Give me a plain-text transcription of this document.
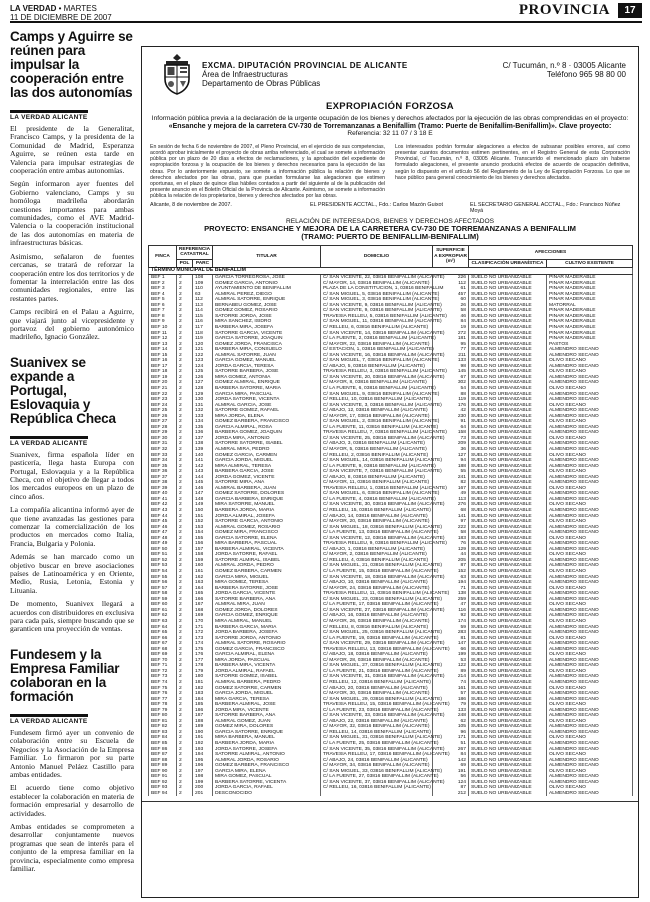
LA VERDAD • MARTES
11 DE DICIEMBRE DE 2007	PROVINCIA	17
Camps y Aguirre se reúnen para impulsar la cooperación entre las dos autonomías
LA VERDAD ALICANTE

El presidente de la Generalitat, Francisco Camps, y la presidenta de la Comunidad de Madrid, Esperanza Aguirre, se reúnen esta tarde en Valencia para impulsar estrategias de cooperación entre ambas autonomías.

Según informaron ayer fuentes del Gobierno valenciano, Camps y su homóloga madrileña abordarán cuestiones importantes para ambas comunidades, como el AVE Madrid-Valencia o la cooperación institucional de las dos autonomías en materia de infraestructuras básicas.

Asimismo, señalaron de fuentes cercanas, se tratará de reforzar la cooperación entre los dos territorios y de fomentar la interrelación entre las dos comunidades regionales, entre las restantes partes.

Camps recibirá en el Palau a Aguirre, que viajará junto al vicepresidente y portavoz del gobierno autonómico madrileño, Ignacio González.

Suanivex se expande a Portugal, Eslovaquia y República Checa
LA VERDAD ALICANTE

Suanivex, firma española líder en pasticería, llega hasta Europa con Portugal, Eslovaquia y a la República Checa, con el objetivo de llegar a todos los mercados europeos en un plazo de cinco años.

La compañía alicantina informó ayer de que tiene avanzadas las gestiones para comenzar la comercialización de los productos en mercados como Italia, Francia, Bulgaria y Polonia.

Además se han marcado como un objetivo buscar en breve asociaciones países de Latinoamérica y en Oriente, Medio, Rusia, Letonia, Estonia y Lituania.

De momento, Suanivex llegará a acuerdos con distribuidores en exclusiva para cada país, siempre buscando que se garanticen una proyección de ventas.

Fundesem y la Empresa Familiar colaboran en la formación
LA VERDAD ALICANTE

Fundesem firmó ayer un convenio de colaboración entre su Escuela de Negocios y la Asociación de la Empresa Familiar. Lo firmaron por su parte Antonio Manuel Peláez Castillo para ambas entidades.

El acuerdo tiene como objetivo establecer la colaboración en materia de formación empresarial y desarrollo de actividades.

Ambas entidades se comprometen a desarrollar conjuntamente nuevos programas que sean de interés para el conjunto de la empresa familiar en la provincia, especialmente como empresa familiar.

EXCMA. DIPUTACIÓN PROVINCIAL DE ALICANTE
Área de Infraestructuras
Departamento de Obras Públicas
C/ Tucumán, n.º 8 · 03005 Alicante
Teléfono 965 98 80 00
EXPROPIACIÓN FORZOSA
Información pública previa a la declaración de la urgente ocupación de los bienes y derechos afectados por la ejecución de las obras comprendidas en el proyecto:
«Ensanche y mejora de la carretera CV-730 de Torremanzanas a Benifallim (Tramo: Puerte de Benifallim-Benifallim)». Clave proyecto:
Referencia: 32 11 07 / 3 18 E
En sesión de fecha 6 de noviembre de 2007, el Pleno Provincial, en el ejercicio de sus competencias, acordó aprobar inicialmente el proyecto de obras arriba referenciado, el cual se somete a información pública por un plazo de 20 días a efectos de reclamaciones, y la aprobación del expediente de expropiación forzosa y la ocupación de los bienes y derechos necesarios para la ejecución de las obras. Por lo anteriormente expuesto, se somete a información pública la relación de bienes y derechos afectados por las obras, para que puedan formularse las alegaciones que estimen oportunas, en el plazo de quince días hábiles contados a partir del siguiente al de la publicación del presente anuncio en el Boletín Oficial de la Provincia de Alicante. Asimismo, se somete a información pública la relación de los propietarios, bienes y derechos afectados por las obras.
Los interesados podrán formular alegaciones a efectos de subsanar posibles errores, así como presentar cuantos documentos estimen pertinentes, en el Registro General de esta Corporación Provincial, c/ Tucumán, n.º 8, 03005 Alicante. Transcurrido el mencionado plazo sin haberse formulado alegaciones, el presente anuncio producirá efectos de acuerdo de ocupación definitiva, según lo dispuesto en el artículo 56 del Reglamento de la Ley de Expropiación Forzosa. Lo que se hace público para general conocimiento de los bienes y derechos afectados.
Alicante, 8 de noviembre de 2007.	EL PRESIDENTE ACCTAL., Fdo.: Carlos Mazón Guixot	EL SECRETARIO GENERAL ACCTAL., Fdo.: Francisco Núñez Moyá
RELACIÓN DE INTERESADOS, BIENES Y DERECHOS AFECTADOS
PROYECTO: ENSANCHE Y MEJORA DE LA CARRETERA CV-730 DE TORREMANZANAS A BENIFALLIM
(TRAMO: PUERTO DE BENIFALLIM-BENIFALLIM)
FINCA	REFERENCIA CATASTRAL		TITULAR	DOMICILIO	SUPERFICIE A EXPROPIAR (m²)	AFECCIONES	
	POL	PARC				CLASIFICACIÓN URBANÍSTICA	CULTIVO EXISTENTE
TÉRMINO MUNICIPAL DE BENIFALLIM							
BEF 1	2	108	GARCIA TORREGROSA, JOSE	C/ SAN VICENTE, 22, 03816 BENIFALLIM (ALICANTE)	226	SUELO NO URBANIZABLE	PINAR MADERABLE
BEF 2	2	109	GOMEZ GARCIA, ANTONIO	C/ MAYOR, 14, 03816 BENIFALLIM (ALICANTE)	112	SUELO NO URBANIZABLE	PINAR MADERABLE
BEF 3	2	110	AYUNTAMIENTO DE BENIFALLIM	PLAZA DE LA CONSTITUCION, 1, 03816 BENIFALLIM	61	SUELO NO URBANIZABLE	PINAR MADERABLE
BEF 4	2	63	ALMIRAL PEREZ, DIEGO	C/ SAN MIGUEL, 5, 03816 BENIFALLIM (ALICANTE)	457	SUELO NO URBANIZABLE	PINAR MADERABLE
BEF 5	2	112	ALMIRAL SATORRE, ENRIQUE	C/ SAN MIGUEL, 3, 03816 BENIFALLIM (ALICANTE)	60	SUELO NO URBANIZABLE	PINAR MADERABLE
BEF 6	2	113	BERNABEU GOMEZ, JOSE	C/ SAN VICENTE, 9, 03816 BENIFALLIM (ALICANTE)	26	SUELO NO URBANIZABLE	MATORRAL
BEF 7	2	114	GOMEZ GOMEZ, ROSARIO	C/ SAN VICENTE, 9, 03816 BENIFALLIM (ALICANTE)	58	SUELO NO URBANIZABLE	PINAR MADERABLE
BEF 8	2	115	SATORRE JORDA, JOSE	TRAVESIA RELLEU, 5, 03816 BENIFALLIM (ALICANTE)	46	SUELO NO URBANIZABLE	PINAR MADERABLE
BEF 9	2	116	MIRA SANCHEZ, ISIDRO	C/ SAN MIGUEL, 11, 03816 BENIFALLIM (ALICANTE)	84	SUELO NO URBANIZABLE	PINAR MADERABLE
BEF 10	2	117	BARBERA MIRA, JOSEFA	C/ RELLEU, 6, 03816 BENIFALLIM (ALICANTE)	19	SUELO NO URBANIZABLE	PINAR MADERABLE
BEF 11	2	118	SATORRE GARCIA, VICENTE	C/ SAN VICENTE, 14, 03816 BENIFALLIM (ALICANTE)	272	SUELO NO URBANIZABLE	PINAR MADERABLE
BEF 12	2	119	GARCIA SATORRE, JOAQUIN	C/ LA FUENTE, 2, 03816 BENIFALLIM (ALICANTE)	181	SUELO NO URBANIZABLE	PINAR MADERABLE
BEF 13	2	120	GOMEZ JORDA, FRANCISCA	C/ MAYOR, 22, 03816 BENIFALLIM (ALICANTE)	95	SUELO NO URBANIZABLE	PASTOS
BEF 14	2	121	BARBERA MIRA, CONSUELO	C/ ESTACION, 1, 03816 BENIFALLIM (ALICANTE)	77	SUELO NO URBANIZABLE	ALMENDRO SECANO
BEF 15	2	122	ALMIRAL SATORRE, JUAN	C/ SAN VICENTE, 16, 03816 BENIFALLIM (ALICANTE)	211	SUELO NO URBANIZABLE	ALMENDRO SECANO
BEF 16	2	123	GARCIA GOMEZ, MANUEL	C/ SAN MIGUEL, 7, 03816 BENIFALLIM (ALICANTE)	133	SUELO NO URBANIZABLE	OLIVO SECANO
BEF 17	2	124	JORDA GARCIA, TERESA	C/ ABAJO, 5, 03816 BENIFALLIM (ALICANTE)	98	SUELO NO URBANIZABLE	ALMENDRO SECANO
BEF 18	2	125	SATORRE BARBERA, JOSE	TRAVESIA RELLEU, 3, 03816 BENIFALLIM (ALICANTE)	145	SUELO NO URBANIZABLE	OLIVO SECANO
BEF 19	2	126	MIRA GOMEZ, ANTONIA	C/ SAN VICENTE, 20, 03816 BENIFALLIM (ALICANTE)	67	SUELO NO URBANIZABLE	ALMENDRO SECANO
BEF 20	2	127	GOMEZ ALMIRAL, ENRIQUE	C/ MAYOR, 8, 03816 BENIFALLIM (ALICANTE)	302	SUELO NO URBANIZABLE	ALMENDRO SECANO
BEF 21	2	128	BARBERA SATORRE, MARIA	C/ LA FUENTE, 6, 03816 BENIFALLIM (ALICANTE)	54	SUELO NO URBANIZABLE	OLIVO SECANO
BEF 22	2	129	GARCIA MIRA, PASCUAL	C/ SAN MIGUEL, 9, 03816 BENIFALLIM (ALICANTE)	88	SUELO NO URBANIZABLE	ALMENDRO SECANO
BEF 23	2	130	JORDA SATORRE, VICENTA	C/ RELLEU, 10, 03816 BENIFALLIM (ALICANTE)	119	SUELO NO URBANIZABLE	ALMENDRO SECANO
BEF 24	2	131	ALMIRAL GARCIA, JOSE	C/ SAN VICENTE, 3, 03816 BENIFALLIM (ALICANTE)	176	SUELO NO URBANIZABLE	OLIVO SECANO
BEF 25	2	132	SATORRE GOMEZ, RAFAEL	C/ ABAJO, 12, 03816 BENIFALLIM (ALICANTE)	42	SUELO NO URBANIZABLE	ALMENDRO SECANO
BEF 26	2	133	MIRA JORDA, ELENA	C/ MAYOR, 17, 03816 BENIFALLIM (ALICANTE)	230	SUELO NO URBANIZABLE	ALMENDRO SECANO
BEF 27	2	134	GOMEZ BARBERA, FRANCISCO	C/ SAN MIGUEL, 2, 03816 BENIFALLIM (ALICANTE)	91	SUELO NO URBANIZABLE	OLIVO SECANO
BEF 28	2	135	GARCIA ALMIRAL, ROSA	C/ LA FUENTE, 11, 03816 BENIFALLIM (ALICANTE)	64	SUELO NO URBANIZABLE	ALMENDRO SECANO
BEF 29	2	136	BARBERA GOMEZ, JOAQUIN	TRAVESIA RELLEU, 7, 03816 BENIFALLIM (ALICANTE)	158	SUELO NO URBANIZABLE	ALMENDRO SECANO
BEF 30	2	137	JORDA MIRA, ANTONIO	C/ SAN VICENTE, 25, 03816 BENIFALLIM (ALICANTE)	73	SUELO NO URBANIZABLE	OLIVO SECANO
BEF 31	2	138	SATORRE SATORRE, ISABEL	C/ ABAJO, 3, 03816 BENIFALLIM (ALICANTE)	209	SUELO NO URBANIZABLE	ALMENDRO SECANO
BEF 32	2	139	ALMIRAL MIRA, PEDRO	C/ MAYOR, 5, 03816 BENIFALLIM (ALICANTE)	36	SUELO NO URBANIZABLE	ALMENDRO SECANO
BEF 33	2	140	GOMEZ GARCIA, CARMEN	C/ RELLEU, 2, 03816 BENIFALLIM (ALICANTE)	127	SUELO NO URBANIZABLE	OLIVO SECANO
BEF 34	2	141	GARCIA JORDA, MIGUEL	C/ SAN MIGUEL, 14, 03816 BENIFALLIM (ALICANTE)	94	SUELO NO URBANIZABLE	ALMENDRO SECANO
BEF 35	2	142	MIRA ALMIRAL, TERESA	C/ LA FUENTE, 9, 03816 BENIFALLIM (ALICANTE)	188	SUELO NO URBANIZABLE	ALMENDRO SECANO
BEF 36	2	143	BARBERA GARCIA, JOSE	C/ SAN VICENTE, 7, 03816 BENIFALLIM (ALICANTE)	55	SUELO NO URBANIZABLE	OLIVO SECANO
BEF 37	2	144	JORDA GOMEZ, VICENTE	C/ ABAJO, 8, 03816 BENIFALLIM (ALICANTE)	241	SUELO NO URBANIZABLE	ALMENDRO SECANO
BEF 38	2	145	SATORRE MIRA, ANA	C/ MAYOR, 11, 03816 BENIFALLIM (ALICANTE)	82	SUELO NO URBANIZABLE	ALMENDRO SECANO
BEF 39	2	146	ALMIRAL BARBERA, JUAN	TRAVESIA RELLEU, 1, 03816 BENIFALLIM (ALICANTE)	167	SUELO NO URBANIZABLE	OLIVO SECANO
BEF 40	2	147	GOMEZ SATORRE, DOLORES	C/ SAN MIGUEL, 6, 03816 BENIFALLIM (ALICANTE)	49	SUELO NO URBANIZABLE	ALMENDRO SECANO
BEF 41	2	148	GARCIA BARBERA, ENRIQUE	C/ LA FUENTE, 4, 03816 BENIFALLIM (ALICANTE)	113	SUELO NO URBANIZABLE	ALMENDRO SECANO
BEF 42	2	149	MIRA SATORRE, MANUEL	C/ SAN VICENTE, 30, 03816 BENIFALLIM (ALICANTE)	276	SUELO NO URBANIZABLE	OLIVO SECANO
BEF 43	2	150	BARBERA JORDA, MARIA	C/ RELLEU, 15, 03816 BENIFALLIM (ALICANTE)	68	SUELO NO URBANIZABLE	ALMENDRO SECANO
BEF 44	2	151	JORDA ALMIRAL, JOSEFA	C/ ABAJO, 14, 03816 BENIFALLIM (ALICANTE)	141	SUELO NO URBANIZABLE	ALMENDRO SECANO
BEF 45	2	152	SATORRE GARCIA, ANTONIO	C/ MAYOR, 20, 03816 BENIFALLIM (ALICANTE)	97	SUELO NO URBANIZABLE	OLIVO SECANO
BEF 46	2	153	ALMIRAL GOMEZ, ROSARIO	C/ SAN MIGUEL, 18, 03816 BENIFALLIM (ALICANTE)	222	SUELO NO URBANIZABLE	ALMENDRO SECANO
BEF 47	2	154	GOMEZ MIRA, FRANCISCO	C/ LA FUENTE, 13, 03816 BENIFALLIM (ALICANTE)	58	SUELO NO URBANIZABLE	ALMENDRO SECANO
BEF 48	2	155	GARCIA SATORRE, ELENA	C/ SAN VICENTE, 12, 03816 BENIFALLIM (ALICANTE)	183	SUELO NO URBANIZABLE	OLIVO SECANO
BEF 49	2	156	MIRA BARBERA, PASCUAL	TRAVESIA RELLEU, 9, 03816 BENIFALLIM (ALICANTE)	76	SUELO NO URBANIZABLE	ALMENDRO SECANO
BEF 50	2	157	BARBERA ALMIRAL, VICENTA	C/ ABAJO, 1, 03816 BENIFALLIM (ALICANTE)	129	SUELO NO URBANIZABLE	ALMENDRO SECANO
BEF 51	2	158	JORDA SATORRE, RAFAEL	C/ MAYOR, 2, 03816 BENIFALLIM (ALICANTE)	44	SUELO NO URBANIZABLE	OLIVO SECANO
BEF 52	2	159	SATORRE ALMIRAL, ISABEL	C/ RELLEU, 4, 03816 BENIFALLIM (ALICANTE)	205	SUELO NO URBANIZABLE	ALMENDRO SECANO
BEF 53	2	160	ALMIRAL JORDA, PEDRO	C/ SAN MIGUEL, 21, 03816 BENIFALLIM (ALICANTE)	87	SUELO NO URBANIZABLE	ALMENDRO SECANO
BEF 54	2	161	GOMEZ BARBERA, CARMEN	C/ LA FUENTE, 15, 03816 BENIFALLIM (ALICANTE)	152	SUELO NO URBANIZABLE	OLIVO SECANO
BEF 55	2	162	GARCIA MIRA, MIGUEL	C/ SAN VICENTE, 18, 03816 BENIFALLIM (ALICANTE)	63	SUELO NO URBANIZABLE	ALMENDRO SECANO
BEF 56	2	163	MIRA GOMEZ, TERESA	C/ ABAJO, 10, 03816 BENIFALLIM (ALICANTE)	194	SUELO NO URBANIZABLE	ALMENDRO SECANO
BEF 57	2	164	BARBERA SATORRE, JOSE	C/ MAYOR, 24, 03816 BENIFALLIM (ALICANTE)	71	SUELO NO URBANIZABLE	OLIVO SECANO
BEF 58	2	165	JORDA GARCIA, VICENTE	TRAVESIA RELLEU, 11, 03816 BENIFALLIM (ALICANTE)	138	SUELO NO URBANIZABLE	ALMENDRO SECANO
BEF 59	2	166	SATORRE BARBERA, ANA	C/ SAN MIGUEL, 23, 03816 BENIFALLIM (ALICANTE)	259	SUELO NO URBANIZABLE	ALMENDRO SECANO
BEF 60	2	167	ALMIRAL MIRA, JUAN	C/ LA FUENTE, 17, 03816 BENIFALLIM (ALICANTE)	47	SUELO NO URBANIZABLE	OLIVO SECANO
BEF 61	2	168	GOMEZ JORDA, DOLORES	C/ SAN VICENTE, 27, 03816 BENIFALLIM (ALICANTE)	116	SUELO NO URBANIZABLE	ALMENDRO SECANO
BEF 62	2	169	GARCIA GOMEZ, ENRIQUE	C/ ABAJO, 16, 03816 BENIFALLIM (ALICANTE)	92	SUELO NO URBANIZABLE	ALMENDRO SECANO
BEF 63	2	170	MIRA ALMIRAL, MANUEL	C/ MAYOR, 26, 03816 BENIFALLIM (ALICANTE)	174	SUELO NO URBANIZABLE	OLIVO SECANO
BEF 64	2	171	BARBERA GARCIA, MARIA	C/ RELLEU, 8, 03816 BENIFALLIM (ALICANTE)	59	SUELO NO URBANIZABLE	ALMENDRO SECANO
BEF 65	2	172	JORDA BARBERA, JOSEFA	C/ SAN MIGUEL, 25, 03816 BENIFALLIM (ALICANTE)	283	SUELO NO URBANIZABLE	ALMENDRO SECANO
BEF 66	2	173	SATORRE JORDA, ANTONIO	C/ LA FUENTE, 19, 03816 BENIFALLIM (ALICANTE)	81	SUELO NO URBANIZABLE	OLIVO SECANO
BEF 67	2	174	ALMIRAL SATORRE, ROSARIO	C/ SAN VICENTE, 29, 03816 BENIFALLIM (ALICANTE)	147	SUELO NO URBANIZABLE	ALMENDRO SECANO
BEF 68	2	175	GOMEZ GARCIA, FRANCISCO	TRAVESIA RELLEU, 13, 03816 BENIFALLIM (ALICANTE)	66	SUELO NO URBANIZABLE	ALMENDRO SECANO
BEF 69	2	176	GARCIA ALMIRAL, ELENA	C/ ABAJO, 18, 03816 BENIFALLIM (ALICANTE)	199	SUELO NO URBANIZABLE	OLIVO SECANO
BEF 70	2	177	MIRA JORDA, PASCUAL	C/ MAYOR, 28, 03816 BENIFALLIM (ALICANTE)	53	SUELO NO URBANIZABLE	ALMENDRO SECANO
BEF 71	2	178	BARBERA MIRA, VICENTA	C/ SAN MIGUEL, 27, 03816 BENIFALLIM (ALICANTE)	122	SUELO NO URBANIZABLE	ALMENDRO SECANO
BEF 72	2	179	JORDA ALMIRAL, RAFAEL	C/ LA FUENTE, 21, 03816 BENIFALLIM (ALICANTE)	89	SUELO NO URBANIZABLE	OLIVO SECANO
BEF 73	2	180	SATORRE GOMEZ, ISABEL	C/ SAN VICENTE, 31, 03816 BENIFALLIM (ALICANTE)	214	SUELO NO URBANIZABLE	ALMENDRO SECANO
BEF 74	2	181	ALMIRAL BARBERA, PEDRO	C/ RELLEU, 12, 03816 BENIFALLIM (ALICANTE)	74	SUELO NO URBANIZABLE	ALMENDRO SECANO
BEF 75	2	182	GOMEZ SATORRE, CARMEN	C/ ABAJO, 20, 03816 BENIFALLIM (ALICANTE)	161	SUELO NO URBANIZABLE	OLIVO SECANO
BEF 76	2	183	GARCIA JORDA, MIGUEL	C/ MAYOR, 30, 03816 BENIFALLIM (ALICANTE)	57	SUELO NO URBANIZABLE	ALMENDRO SECANO
BEF 77	2	184	MIRA GARCIA, TERESA	C/ SAN MIGUEL, 29, 03816 BENIFALLIM (ALICANTE)	186	SUELO NO URBANIZABLE	ALMENDRO SECANO
BEF 78	2	185	BARBERA ALMIRAL, JOSE	TRAVESIA RELLEU, 15, 03816 BENIFALLIM (ALICANTE)	79	SUELO NO URBANIZABLE	OLIVO SECANO
BEF 79	2	186	JORDA MIRA, VICENTE	C/ LA FUENTE, 23, 03816 BENIFALLIM (ALICANTE)	133	SUELO NO URBANIZABLE	ALMENDRO SECANO
BEF 80	2	187	SATORRE BARBERA, ANA	C/ SAN VICENTE, 33, 03816 BENIFALLIM (ALICANTE)	248	SUELO NO URBANIZABLE	ALMENDRO SECANO
BEF 81	2	188	ALMIRAL GOMEZ, JUAN	C/ ABAJO, 22, 03816 BENIFALLIM (ALICANTE)	62	SUELO NO URBANIZABLE	OLIVO SECANO
BEF 82	2	189	GOMEZ MIRA, DOLORES	C/ MAYOR, 32, 03816 BENIFALLIM (ALICANTE)	105	SUELO NO URBANIZABLE	ALMENDRO SECANO
BEF 83	2	190	GARCIA SATORRE, ENRIQUE	C/ RELLEU, 14, 03816 BENIFALLIM (ALICANTE)	96	SUELO NO URBANIZABLE	ALMENDRO SECANO
BEF 84	2	191	MIRA BARBERA, MANUEL	C/ SAN MIGUEL, 31, 03816 BENIFALLIM (ALICANTE)	171	SUELO NO URBANIZABLE	OLIVO SECANO
BEF 85	2	192	BARBERA JORDA, MARIA	C/ LA FUENTE, 25, 03816 BENIFALLIM (ALICANTE)	51	SUELO NO URBANIZABLE	ALMENDRO SECANO
BEF 86	2	193	JORDA SATORRE, JOSEFA	C/ SAN VICENTE, 35, 03816 BENIFALLIM (ALICANTE)	267	SUELO NO URBANIZABLE	ALMENDRO SECANO
BEF 87	2	194	SATORRE ALMIRAL, ANTONIO	TRAVESIA RELLEU, 17, 03816 BENIFALLIM (ALICANTE)	84	SUELO NO URBANIZABLE	OLIVO SECANO
BEF 88	2	195	ALMIRAL JORDA, ROSARIO	C/ ABAJO, 24, 03816 BENIFALLIM (ALICANTE)	142	SUELO NO URBANIZABLE	ALMENDRO SECANO
BEF 89	2	196	GOMEZ BARBERA, FRANCISCO	C/ MAYOR, 34, 03816 BENIFALLIM (ALICANTE)	69	SUELO NO URBANIZABLE	ALMENDRO SECANO
BEF 90	2	197	GARCIA MIRA, ELENA	C/ SAN MIGUEL, 33, 03816 BENIFALLIM (ALICANTE)	191	SUELO NO URBANIZABLE	OLIVO SECANO
BEF 91	2	198	MIRA GOMEZ, PASCUAL	C/ LA FUENTE, 27, 03816 BENIFALLIM (ALICANTE)	56	SUELO NO URBANIZABLE	ALMENDRO SECANO
BEF 92	2	199	BARBERA SATORRE, VICENTA	C/ SAN VICENTE, 37, 03816 BENIFALLIM (ALICANTE)	124	SUELO NO URBANIZABLE	ALMENDRO SECANO
BEF 93	2	200	JORDA GARCIA, RAFAEL	C/ RELLEU, 16, 03816 BENIFALLIM (ALICANTE)	87	SUELO NO URBANIZABLE	OLIVO SECANO
BEF 94	2	201	DESCONOCIDO		212	SUELO NO URBANIZABLE	ALMENDRO SECANO
